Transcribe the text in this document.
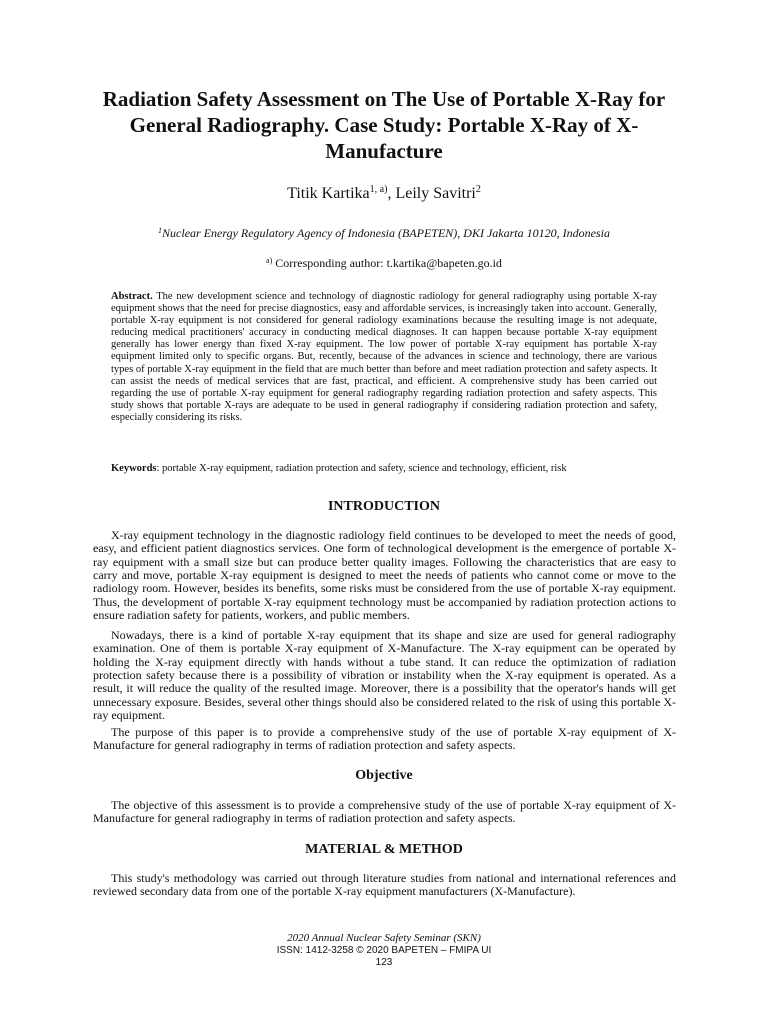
Radiation Safety Assessment on The Use of Portable X-Ray for General Radiography. Case Study: Portable X-Ray of X-Manufacture
Titik Kartika$^{1, a)}$, Leily Savitri$^2$
$^1$Nuclear Energy Regulatory Agency of Indonesia (BAPETEN), DKI Jakarta 10120, Indonesia
$^{a)}$ Corresponding author: t.kartika@bapeten.go.id

Abstract. The new development science and technology of diagnostic radiology for general radiography using portable X-ray equipment shows that the need for precise diagnostics, easy and affordable services, is increasingly taken into account. Generally, portable X-ray equipment is not considered for general radiology examinations because the resulting image is not adequate, reducing medical practitioners' accuracy in conducting medical diagnoses. It can happen because portable X-ray equipment generally has lower energy than fixed X-ray equipment. The low power of portable X-ray equipment has portable X-ray equipment limited only to specific organs. But, recently, because of the advances in science and technology, there are various types of portable X-ray equipment in the field that are much better than before and meet radiation protection and safety aspects. It can assist the needs of medical services that are fast, practical, and efficient. A comprehensive study has been carried out regarding the use of portable X-ray equipment for general radiography regarding radiation protection and safety aspects. This study shows that portable X-rays are adequate to be used in general radiography if considering radiation protection and safety, especially considering its risks.

Keywords: portable X-ray equipment, radiation protection and safety, science and technology, efficient, risk

INTRODUCTION

X-ray equipment technology in the diagnostic radiology field continues to be developed to meet the needs of good, easy, and efficient patient diagnostics services. One form of technological development is the emergence of portable X-ray equipment with a small size but can produce better quality images. Following the characteristics that are easy to carry and move, portable X-ray equipment is designed to meet the needs of patients who cannot come or move to the radiology room. However, besides its benefits, some risks must be considered from the use of portable X-ray equipment. Thus, the development of portable X-ray equipment technology must be accompanied by radiation protection actions to ensure radiation safety for patients, workers, and public members.

Nowadays, there is a kind of portable X-ray equipment that its shape and size are used for general radiography examination. One of them is portable X-ray equipment of X-Manufacture. The X-ray equipment can be operated by holding the X-ray equipment directly with hands without a tube stand. It can reduce the optimization of radiation protection safety because there is a possibility of vibration or instability when the X-ray equipment is operated. As a result, it will reduce the quality of the resulted image. Moreover, there is a possibility that the operator's hands will get unnecessary exposure. Besides, several other things should also be considered related to the risk of using this portable X-ray equipment.

The purpose of this paper is to provide a comprehensive study of the use of portable X-ray equipment of X-Manufacture for general radiography in terms of radiation protection and safety aspects.

Objective

The objective of this assessment is to provide a comprehensive study of the use of portable X-ray equipment of X-Manufacture for general radiography in terms of radiation protection and safety aspects.

MATERIAL & METHOD

This study's methodology was carried out through literature studies from national and international references and reviewed secondary data from one of the portable X-ray equipment manufacturers (X-Manufacture).

2020 Annual Nuclear Safety Seminar (SKN)
ISSN: 1412-3258 © 2020 BAPETEN – FMIPA UI
123
